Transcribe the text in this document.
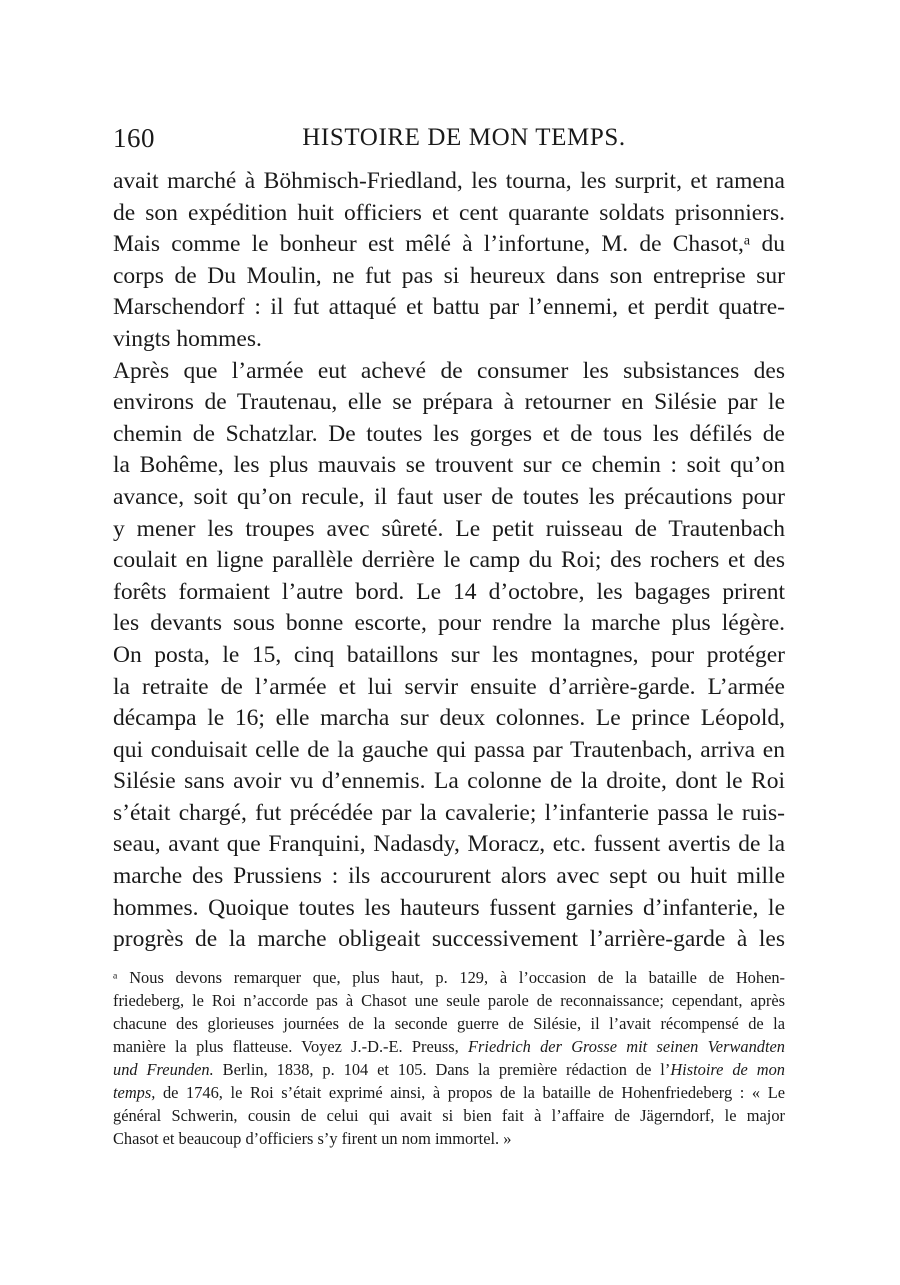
160	HISTOIRE DE MON TEMPS.
avait marché à Böhmisch-Friedland, les tourna, les surprit, et ramena
de son expédition huit officiers et cent quarante soldats prisonniers.
Mais comme le bonheur est mêlé à l’infortune, M. de Chasot,ᵃ du
corps de Du Moulin, ne fut pas si heureux dans son entreprise sur
Marschendorf : il fut attaqué et battu par l’ennemi, et perdit quatre-
vingts hommes.
Après que l’armée eut achevé de consumer les subsistances des
environs de Trautenau, elle se prépara à retourner en Silésie par le
chemin de Schatzlar. De toutes les gorges et de tous les défilés de
la Bohême, les plus mauvais se trouvent sur ce chemin : soit qu’on
avance, soit qu’on recule, il faut user de toutes les précautions pour
y mener les troupes avec sûreté. Le petit ruisseau de Trautenbach
coulait en ligne parallèle derrière le camp du Roi; des rochers et des
forêts formaient l’autre bord. Le 14 d’octobre, les bagages prirent
les devants sous bonne escorte, pour rendre la marche plus légère.
On posta, le 15, cinq bataillons sur les montagnes, pour protéger
la retraite de l’armée et lui servir ensuite d’arrière-garde. L’armée
décampa le 16; elle marcha sur deux colonnes. Le prince Léopold,
qui conduisait celle de la gauche qui passa par Trautenbach, arriva en
Silésie sans avoir vu d’ennemis. La colonne de la droite, dont le Roi
s’était chargé, fut précédée par la cavalerie; l’infanterie passa le ruis-
seau, avant que Franquini, Nadasdy, Moracz, etc. fussent avertis de la
marche des Prussiens : ils accoururent alors avec sept ou huit mille
hommes. Quoique toutes les hauteurs fussent garnies d’infanterie, le
progrès de la marche obligeait successivement l’arrière-garde à les
ᵃ Nous devons remarquer que, plus haut, p. 129, à l’occasion de la bataille de Hohen-
friedeberg, le Roi n’accorde pas à Chasot une seule parole de reconnaissance; cependant, après
chacune des glorieuses journées de la seconde guerre de Silésie, il l’avait récompensé de la
manière la plus flatteuse. Voyez J.-D.-E. Preuss, Friedrich der Grosse mit seinen Verwandten
und Freunden. Berlin, 1838, p. 104 et 105. Dans la première rédaction de l’Histoire de mon
temps, de 1746, le Roi s’était exprimé ainsi, à propos de la bataille de Hohenfriedeberg : « Le
général Schwerin, cousin de celui qui avait si bien fait à l’affaire de Jägerndorf, le major
Chasot et beaucoup d’officiers s’y firent un nom immortel. »
